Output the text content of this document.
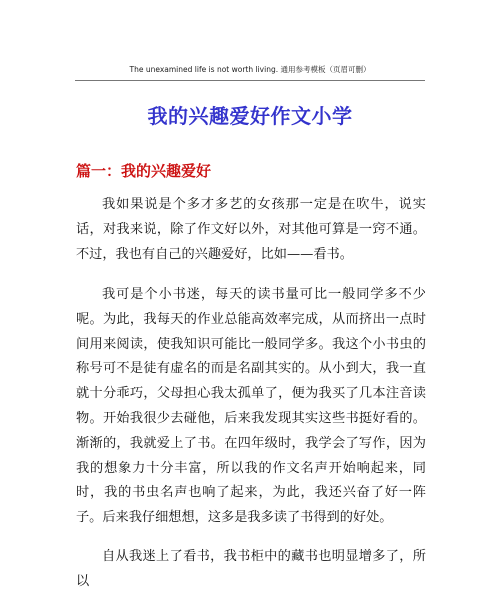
The unexamined life is not worth living. 通用参考模板（页眉可删）
我的兴趣爱好作文小学
篇一：我的兴趣爱好

我如果说是个多才多艺的女孩那一定是在吹牛，说实话，对我来说，除了作文好以外，对其他可算是一窍不通。不过，我也有自己的兴趣爱好，比如——看书。

我可是个小书迷，每天的读书量可比一般同学多不少呢。为此，我每天的作业总能高效率完成，从而挤出一点时间用来阅读，使我知识可能比一般同学多。我这个小书虫的称号可不是徒有虚名的而是名副其实的。从小到大，我一直就十分乖巧，父母担心我太孤单了，便为我买了几本注音读物。开始我很少去碰他，后来我发现其实这些书挺好看的。渐渐的，我就爱上了书。在四年级时，我学会了写作，因为我的想象力十分丰富，所以我的作文名声开始响起来，同时，我的书虫名声也响了起来，为此，我还兴奋了好一阵子。后来我仔细想想，这多是我多读了书得到的好处。

自从我迷上了看书，我书柜中的藏书也明显增多了，所以
